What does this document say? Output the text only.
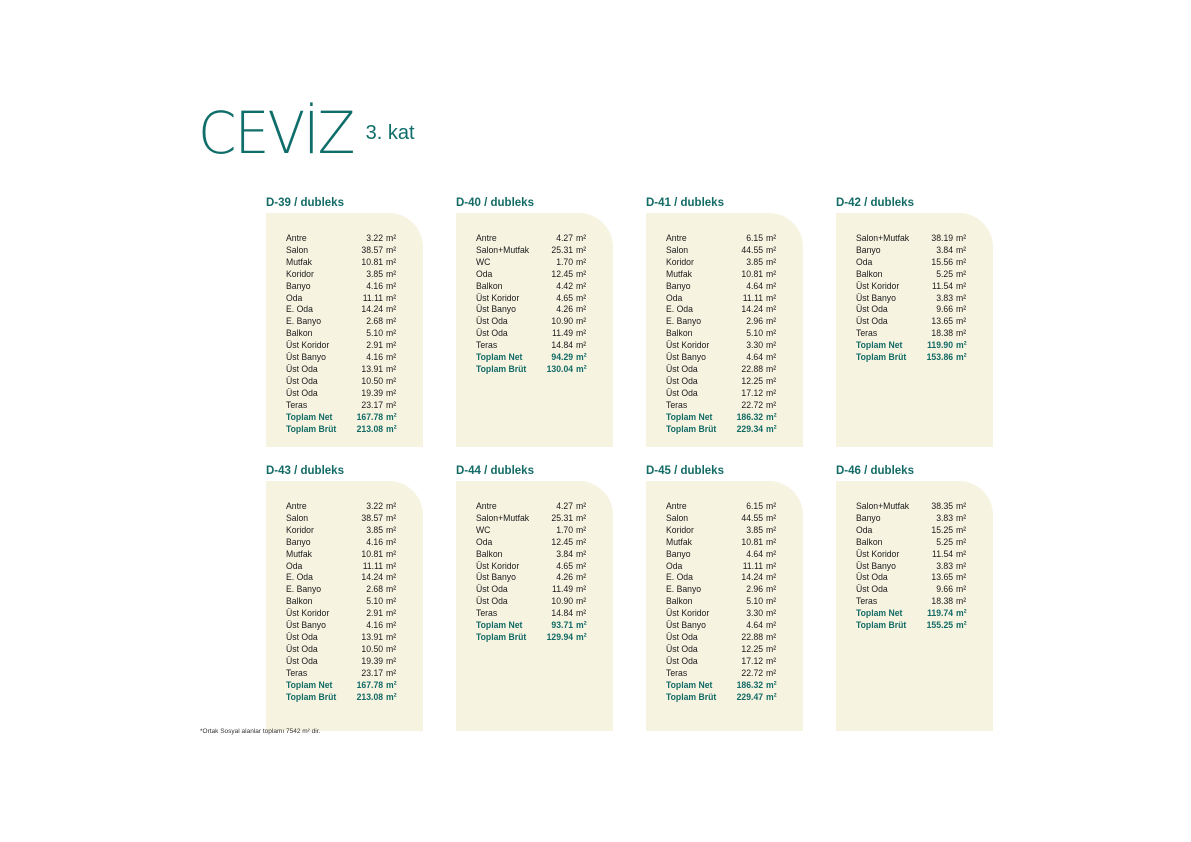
CEVİZ 3. kat
D-39 / dubleks
Antre	3.22	m²
Salon	38.57	m²
Mutfak	10.81	m²
Koridor	3.85	m²
Banyo	4.16	m²
Oda	11.11	m²
E. Oda	14.24	m²
E. Banyo	2.68	m²
Balkon	5.10	m²
Üst Koridor	2.91	m²
Üst Banyo	4.16	m²
Üst Oda	13.91	m²
Üst Oda	10.50	m²
Üst Oda	19.39	m²
Teras	23.17	m²
Toplam Net	167.78	m²
Toplam Brüt	213.08	m²
D-40 / dubleks
Antre	4.27	m²
Salon+Mutfak	25.31	m²
WC	1.70	m²
Oda	12.45	m²
Balkon	4.42	m²
Üst Koridor	4.65	m²
Üst Banyo	4.26	m²
Üst Oda	10.90	m²
Üst Oda	11.49	m²
Teras	14.84	m²
Toplam Net	94.29	m²
Toplam Brüt	130.04	m²
D-41 / dubleks
Antre	6.15	m²
Salon	44.55	m²
Koridor	3.85	m²
Mutfak	10.81	m²
Banyo	4.64	m²
Oda	11.11	m²
E. Oda	14.24	m²
E. Banyo	2.96	m²
Balkon	5.10	m²
Üst Koridor	3.30	m²
Üst Banyo	4.64	m²
Üst Oda	22.88	m²
Üst Oda	12.25	m²
Üst Oda	17.12	m²
Teras	22.72	m²
Toplam Net	186.32	m²
Toplam Brüt	229.34	m²
D-42 / dubleks
Salon+Mutfak	38.19	m²
Banyo	3.84	m²
Oda	15.56	m²
Balkon	5.25	m²
Üst Koridor	11.54	m²
Üst Banyo	3.83	m²
Üst Oda	9.66	m²
Üst Oda	13.65	m²
Teras	18.38	m²
Toplam Net	119.90	m²
Toplam Brüt	153.86	m²
D-43 / dubleks
Antre	3.22	m²
Salon	38.57	m²
Koridor	3.85	m²
Banyo	4.16	m²
Mutfak	10.81	m²
Oda	11.11	m²
E. Oda	14.24	m²
E. Banyo	2.68	m²
Balkon	5.10	m²
Üst Koridor	2.91	m²
Üst Banyo	4.16	m²
Üst Oda	13.91	m²
Üst Oda	10.50	m²
Üst Oda	19.39	m²
Teras	23.17	m²
Toplam Net	167.78	m²
Toplam Brüt	213.08	m²
D-44 / dubleks
Antre	4.27	m²
Salon+Mutfak	25.31	m²
WC	1.70	m²
Oda	12.45	m²
Balkon	3.84	m²
Üst Koridor	4.65	m²
Üst Banyo	4.26	m²
Üst Oda	11.49	m²
Üst Oda	10.90	m²
Teras	14.84	m²
Toplam Net	93.71	m²
Toplam Brüt	129.94	m²
D-45 / dubleks
Antre	6.15	m²
Salon	44.55	m²
Koridor	3.85	m²
Mutfak	10.81	m²
Banyo	4.64	m²
Oda	11.11	m²
E. Oda	14.24	m²
E. Banyo	2.96	m²
Balkon	5.10	m²
Üst Koridor	3.30	m²
Üst Banyo	4.64	m²
Üst Oda	22.88	m²
Üst Oda	12.25	m²
Üst Oda	17.12	m²
Teras	22.72	m²
Toplam Net	186.32	m²
Toplam Brüt	229.47	m²
D-46 / dubleks
Salon+Mutfak	38.35	m²
Banyo	3.83	m²
Oda	15.25	m²
Balkon	5.25	m²
Üst Koridor	11.54	m²
Üst Banyo	3.83	m²
Üst Oda	13.65	m²
Üst Oda	9.66	m²
Teras	18.38	m²
Toplam Net	119.74	m²
Toplam Brüt	155.25	m²
*Ortak Sosyal alanlar toplamı 7542 m² dir.
